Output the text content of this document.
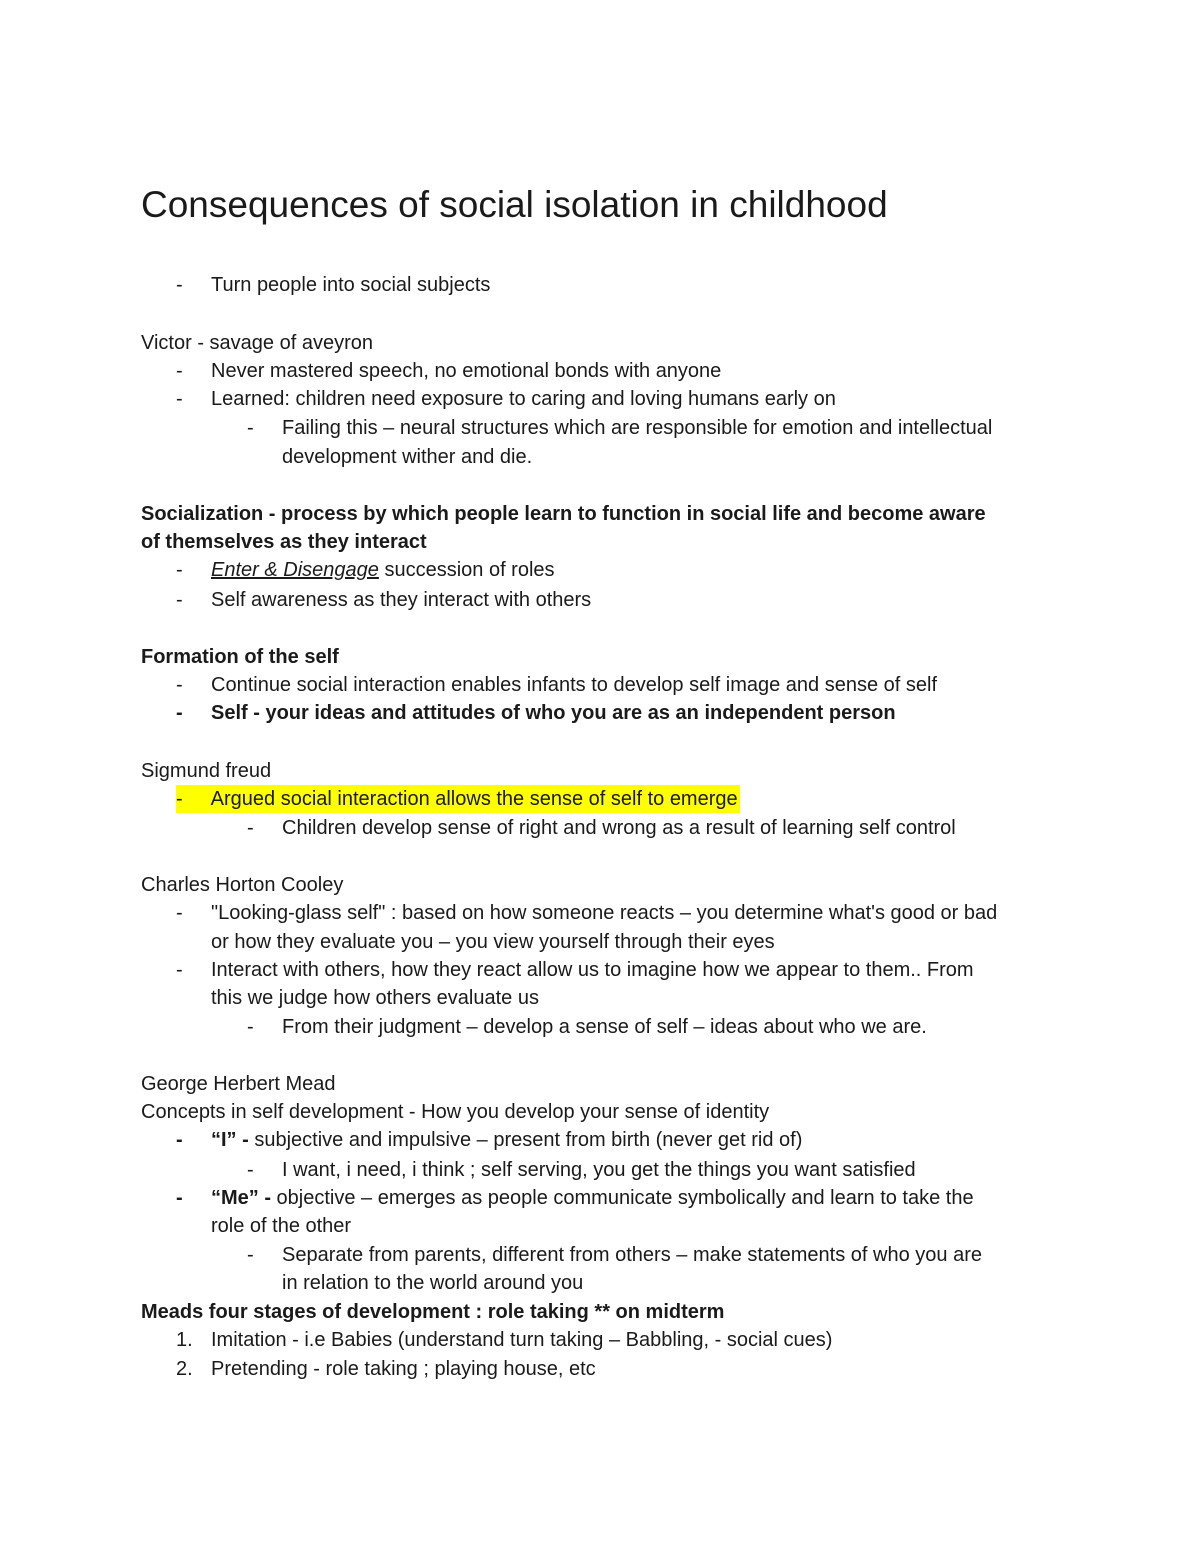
Consequences of social isolation in childhood
- Turn people into social subjects
Victor - savage of aveyron
- Never mastered speech, no emotional bonds with anyone
- Learned: children need exposure to caring and loving humans early on
- Failing this – neural structures which are responsible for emotion and intellectual
development wither and die.
Socialization - process by which people learn to function in social life and become aware
of themselves as they interact
- Enter & Disengage succession of roles
- Self awareness as they interact with others
Formation of the self
- Continue social interaction enables infants to develop self image and sense of self
- Self - your ideas and attitudes of who you are as an independent person
Sigmund freud
- Argued social interaction allows the sense of self to emerge
- Children develop sense of right and wrong as a result of learning self control
Charles Horton Cooley
- "Looking-glass self" : based on how someone reacts – you determine what's good or bad
or how they evaluate you – you view yourself through their eyes
- Interact with others, how they react allow us to imagine how we appear to them.. From
this we judge how others evaluate us
- From their judgment – develop a sense of self – ideas about who we are.
George Herbert Mead
Concepts in self development - How you develop your sense of identity
- “I” - subjective and impulsive – present from birth (never get rid of)
- I want, i need, i think ; self serving, you get the things you want satisfied
- “Me” - objective – emerges as people communicate symbolically and learn to take the
role of the other
- Separate from parents, different from others – make statements of who you are
in relation to the world around you
Meads four stages of development : role taking ** on midterm
1. Imitation - i.e Babies (understand turn taking – Babbling, - social cues)
2. Pretending - role taking ; playing house, etc
